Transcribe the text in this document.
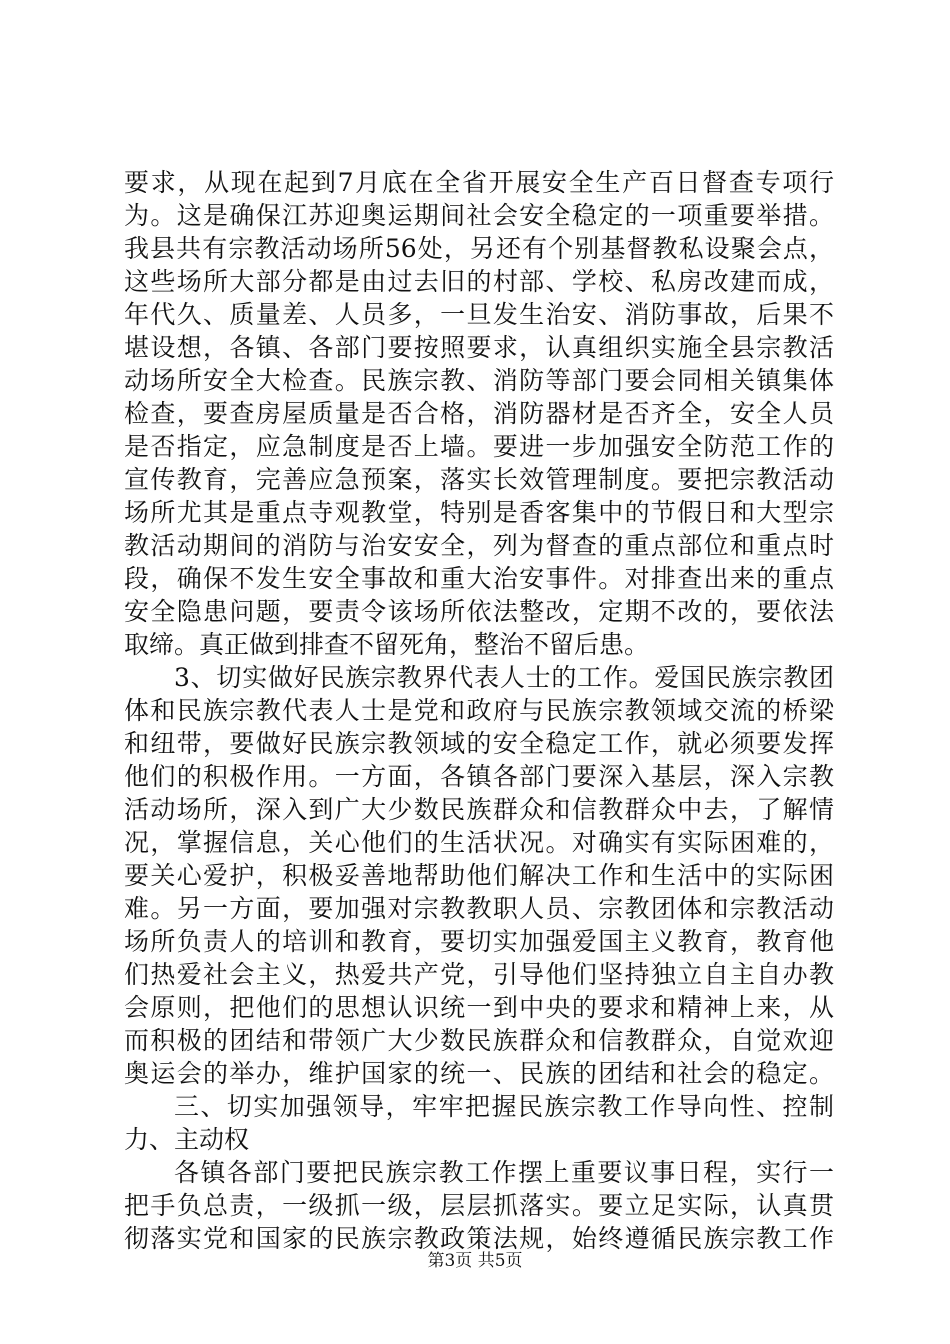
要求，从现在起到7月底在全省开展安全生产百日督查专项行
为。这是确保江苏迎奥运期间社会安全稳定的一项重要举措。
我县共有宗教活动场所56处，另还有个别基督教私设聚会点，
这些场所大部分都是由过去旧的村部、学校、私房改建而成，
年代久、质量差、人员多，一旦发生治安、消防事故，后果不
堪设想，各镇、各部门要按照要求，认真组织实施全县宗教活
动场所安全大检查。民族宗教、消防等部门要会同相关镇集体
检查，要查房屋质量是否合格，消防器材是否齐全，安全人员
是否指定，应急制度是否上墙。要进一步加强安全防范工作的
宣传教育，完善应急预案，落实长效管理制度。要把宗教活动
场所尤其是重点寺观教堂，特别是香客集中的节假日和大型宗
教活动期间的消防与治安安全，列为督查的重点部位和重点时
段，确保不发生安全事故和重大治安事件。对排查出来的重点
安全隐患问题，要责令该场所依法整改，定期不改的，要依法
取缔。真正做到排查不留死角，整治不留后患。
3、切实做好民族宗教界代表人士的工作。爱国民族宗教团
体和民族宗教代表人士是党和政府与民族宗教领域交流的桥梁
和纽带，要做好民族宗教领域的安全稳定工作，就必须要发挥
他们的积极作用。一方面，各镇各部门要深入基层，深入宗教
活动场所，深入到广大少数民族群众和信教群众中去，了解情
况，掌握信息，关心他们的生活状况。对确实有实际困难的，
要关心爱护，积极妥善地帮助他们解决工作和生活中的实际困
难。另一方面，要加强对宗教教职人员、宗教团体和宗教活动
场所负责人的培训和教育，要切实加强爱国主义教育，教育他
们热爱社会主义，热爱共产党，引导他们坚持独立自主自办教
会原则，把他们的思想认识统一到中央的要求和精神上来，从
而积极的团结和带领广大少数民族群众和信教群众，自觉欢迎
奥运会的举办，维护国家的统一、民族的团结和社会的稳定。
三、切实加强领导，牢牢把握民族宗教工作导向性、控制
力、主动权
各镇各部门要把民族宗教工作摆上重要议事日程，实行一
把手负总责，一级抓一级，层层抓落实。要立足实际，认真贯
彻落实党和国家的民族宗教政策法规，始终遵循民族宗教工作
第3页 共5页
